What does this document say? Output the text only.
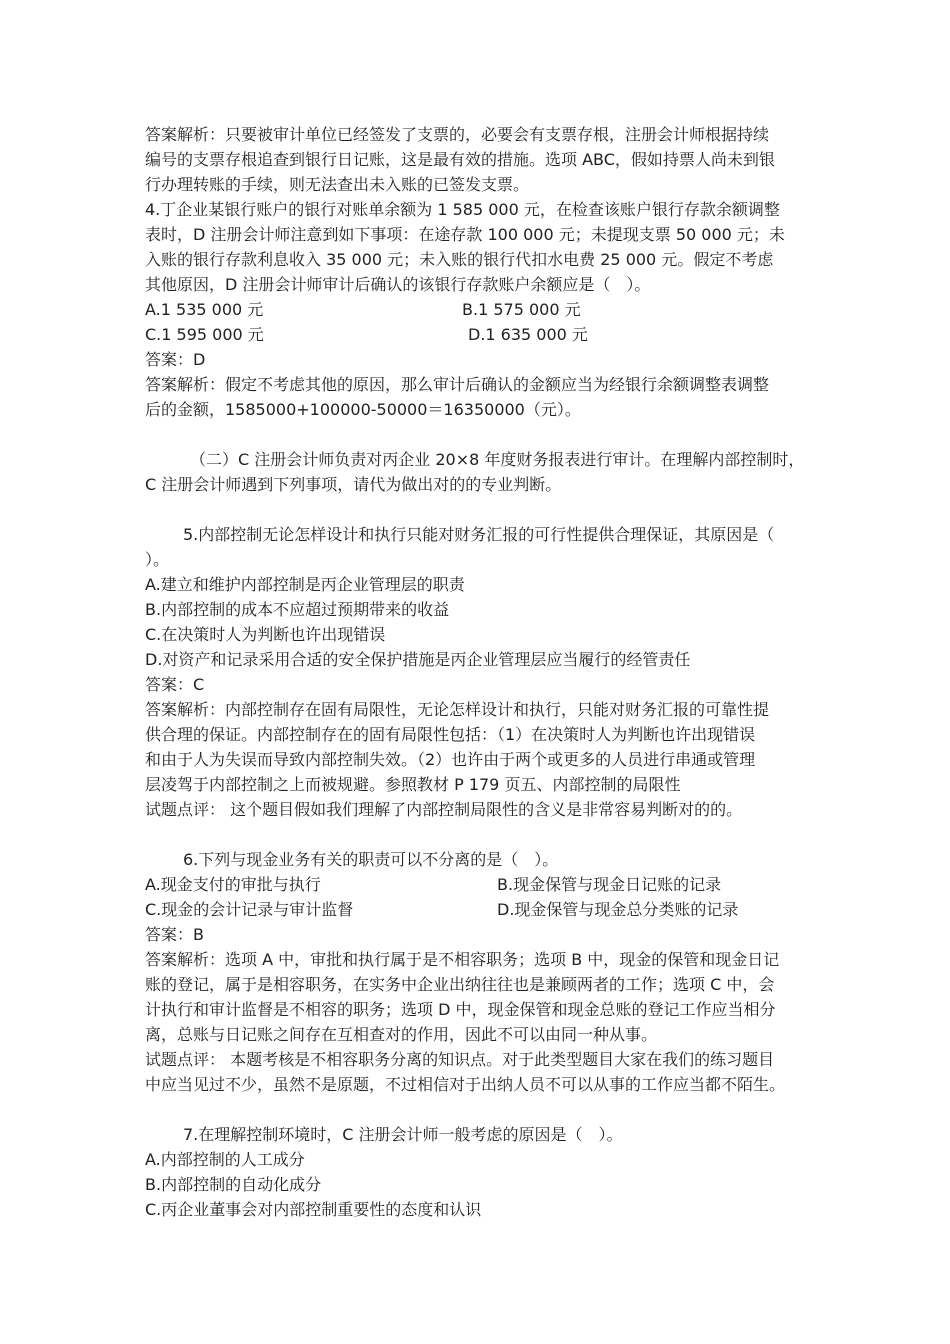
答案解析：只要被审计单位已经签发了支票的，必要会有支票存根，注册会计师根据持续
编号的支票存根追查到银行日记账，这是最有效的措施。选项 ABC，假如持票人尚未到银
行办理转账的手续，则无法查出未入账的已签发支票。
4.丁企业某银行账户的银行对账单余额为 1 585 000 元，在检查该账户银行存款余额调整
表时，D 注册会计师注意到如下事项：在途存款 100 000 元；未提现支票 50 000 元；未
入账的银行存款利息收入 35 000 元；未入账的银行代扣水电费 25 000 元。假定不考虑
其他原因，D 注册会计师审计后确认的该银行存款账户余额应是（　）。
A.1 535 000 元	B.1 575 000 元
C.1 595 000 元	D.1 635 000 元
答案：D
答案解析：假定不考虑其他的原因，那么审计后确认的金额应当为经银行余额调整表调整
后的金额，1585000+100000-50000＝16350000（元）。
（二）C 注册会计师负责对丙企业 20×8 年度财务报表进行审计。在理解内部控制时，
C 注册会计师遇到下列事项，请代为做出对的的专业判断。
5.内部控制无论怎样设计和执行只能对财务汇报的可行性提供合理保证，其原因是（
）。
A.建立和维护内部控制是丙企业管理层的职责
B.内部控制的成本不应超过预期带来的收益
C.在决策时人为判断也许出现错误
D.对资产和记录采用合适的安全保护措施是丙企业管理层应当履行的经管责任
答案：C
答案解析：内部控制存在固有局限性，无论怎样设计和执行，只能对财务汇报的可靠性提
供合理的保证。内部控制存在的固有局限性包括：（1）在决策时人为判断也许出现错误
和由于人为失误而导致内部控制失效。（2）也许由于两个或更多的人员进行串通或管理
层凌驾于内部控制之上而被规避。参照教材 P 179 页五、内部控制的局限性
试题点评： 这个题目假如我们理解了内部控制局限性的含义是非常容易判断对的的。
6.下列与现金业务有关的职责可以不分离的是（　）。
A.现金支付的审批与执行	B.现金保管与现金日记账的记录
C.现金的会计记录与审计监督	D.现金保管与现金总分类账的记录
答案：B
答案解析：选项 A 中，审批和执行属于是不相容职务；选项 B 中，现金的保管和现金日记
账的登记，属于是相容职务，在实务中企业出纳往往也是兼顾两者的工作；选项 C 中，会
计执行和审计监督是不相容的职务；选项 D 中，现金保管和现金总账的登记工作应当相分
离，总账与日记账之间存在互相查对的作用，因此不可以由同一种从事。
试题点评： 本题考核是不相容职务分离的知识点。对于此类型题目大家在我们的练习题目
中应当见过不少，虽然不是原题，不过相信对于出纳人员不可以从事的工作应当都不陌生。
7.在理解控制环境时，C 注册会计师一般考虑的原因是（　）。
A.内部控制的人工成分
B.内部控制的自动化成分
C.丙企业董事会对内部控制重要性的态度和认识
